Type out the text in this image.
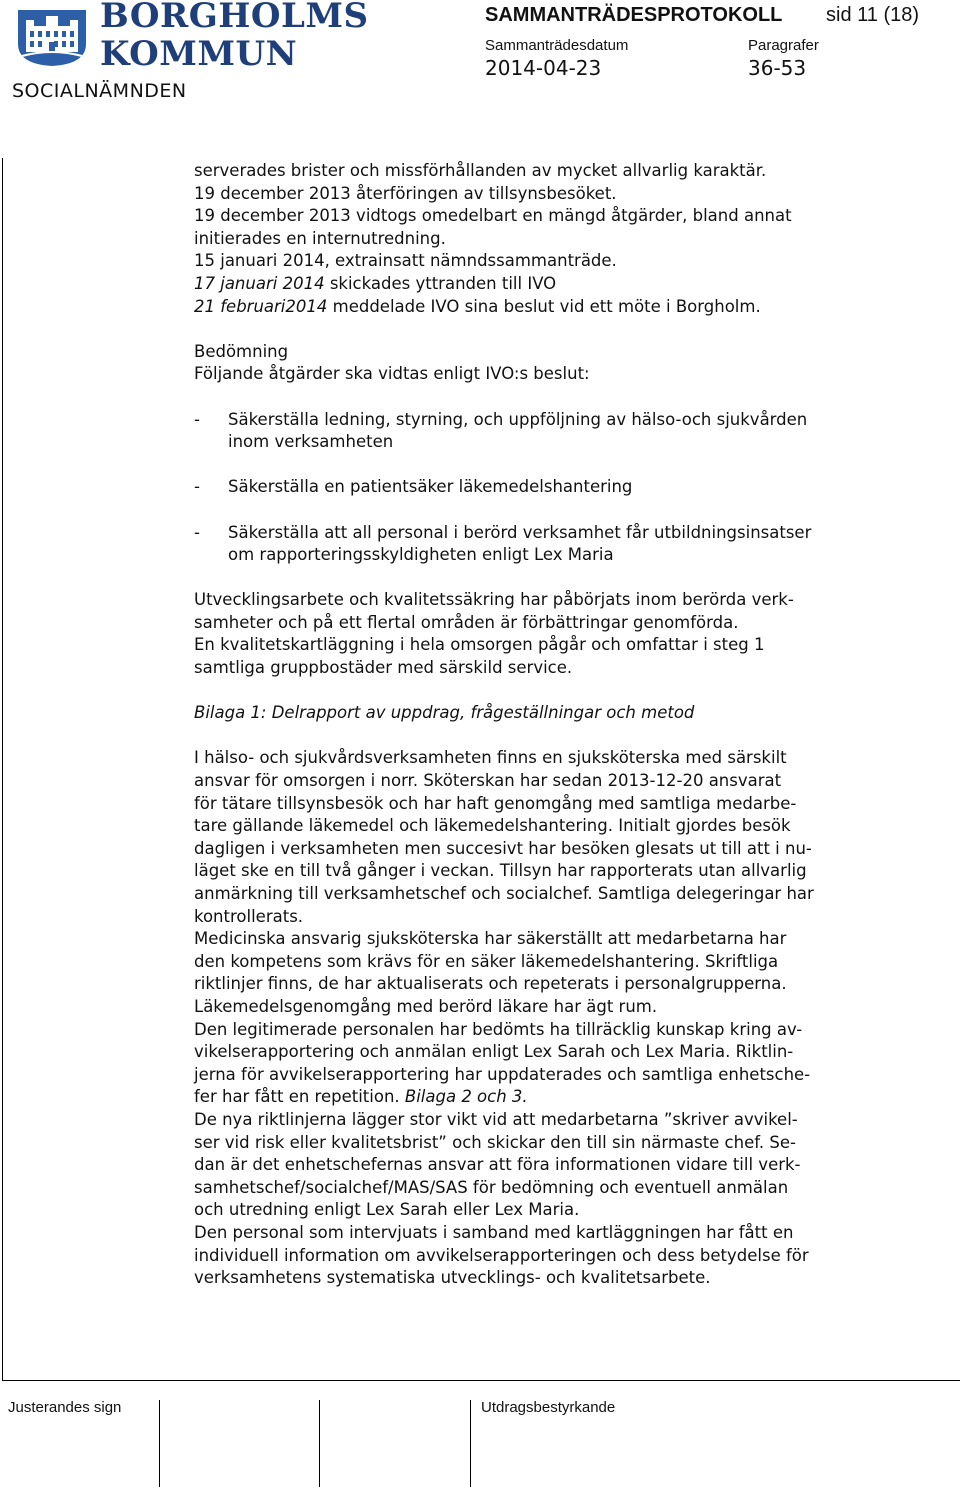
BORGHOLMS
KOMMUN
SOCIALNÄMNDEN
SAMMANTRÄDESPROTOKOLL sid 11 (18)
Sammanträdesdatum
2014-04-23
Paragrafer
36-53

serverades brister och missförhållanden av mycket allvarlig karaktär.

19 december 2013 återföringen av tillsynsbesöket.

19 december 2013 vidtogs omedelbart en mängd åtgärder, bland annat

initierades en internutredning.

15 januari 2014, extrainsatt nämndssammanträde.

17 januari 2014 skickades yttranden till IVO

21 februari2014 meddelade IVO sina beslut vid ett möte i Borgholm.

Bedömning

Följande åtgärder ska vidtas enligt IVO:s beslut:

-	Säkerställa ledning, styrning, och uppföljning av hälso-och sjukvården
inom verksamheten
-	Säkerställa en patientsäker läkemedelshantering
-	Säkerställa att all personal i berörd verksamhet får utbildningsinsatser
om rapporteringsskyldigheten enligt Lex Maria

Utvecklingsarbete och kvalitetssäkring har påbörjats inom berörda verk-

samheter och på ett flertal områden är förbättringar genomförda.

En kvalitetskartläggning i hela omsorgen pågår och omfattar i steg 1

samtliga gruppbostäder med särskild service.

Bilaga 1: Delrapport av uppdrag, frågeställningar och metod

I hälso- och sjukvårdsverksamheten finns en sjuksköterska med särskilt

ansvar för omsorgen i norr. Sköterskan har sedan 2013-12-20 ansvarat

för tätare tillsynsbesök och har haft genomgång med samtliga medarbe-

tare gällande läkemedel och läkemedelshantering. Initialt gjordes besök

dagligen i verksamheten men succesivt har besöken glesats ut till att i nu-

läget ske en till två gånger i veckan. Tillsyn har rapporterats utan allvarlig

anmärkning till verksamhetschef och socialchef. Samtliga delegeringar har

kontrollerats.

Medicinska ansvarig sjuksköterska har säkerställt att medarbetarna har

den kompetens som krävs för en säker läkemedelshantering. Skriftliga

riktlinjer finns, de har aktualiserats och repeterats i personalgrupperna.

Läkemedelsgenomgång med berörd läkare har ägt rum.

Den legitimerade personalen har bedömts ha tillräcklig kunskap kring av-

vikelserapportering och anmälan enligt Lex Sarah och Lex Maria. Riktlin-

jerna för avvikelserapportering har uppdaterades och samtliga enhetsche-

fer har fått en repetition. Bilaga 2 och 3.

De nya riktlinjerna lägger stor vikt vid att medarbetarna ”skriver avvikel-

ser vid risk eller kvalitetsbrist” och skickar den till sin närmaste chef. Se-

dan är det enhetschefernas ansvar att föra informationen vidare till verk-

samhetschef/socialchef/MAS/SAS för bedömning och eventuell anmälan

och utredning enligt Lex Sarah eller Lex Maria.

Den personal som intervjuats i samband med kartläggningen har fått en

individuell information om avvikelserapporteringen och dess betydelse för

verksamhetens systematiska utvecklings- och kvalitetsarbete.

Justerandes sign	Utdragsbestyrkande
